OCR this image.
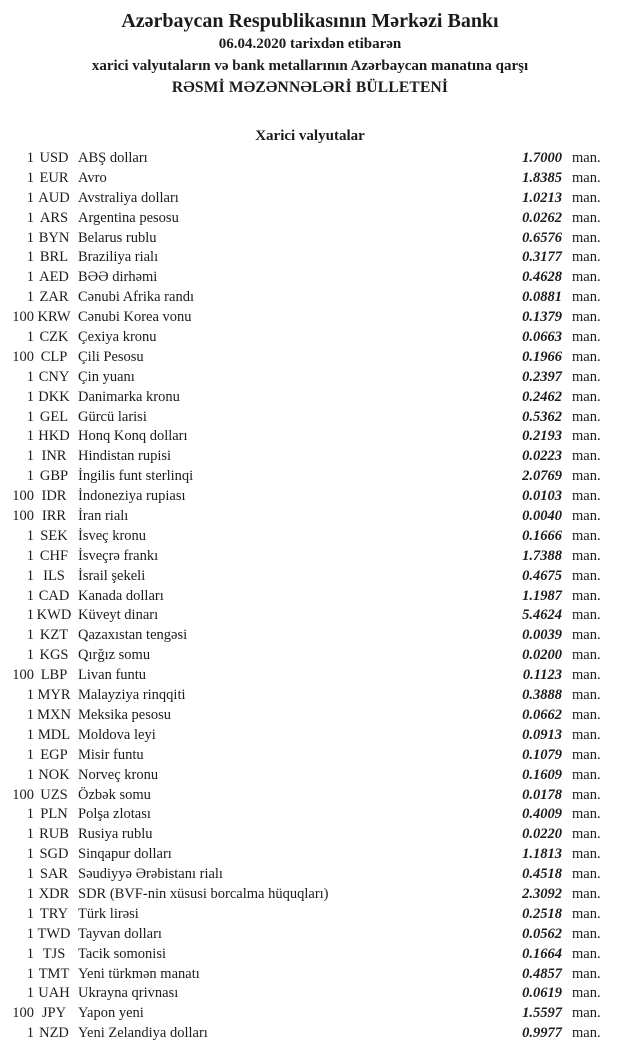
Azərbaycan Respublikasının Mərkəzi Bankı
06.04.2020 tarixdən etibarən
xarici valyutaların və bank metallarının Azərbaycan manatına qarşı
RƏSMİ MƏZƏNNƏLƏRİ BÜLLETENİ
Xarici valyutalar
1 USD ABŞ dolları	1.7000 man.
1 EUR Avro	1.8385 man.
1 AUD Avstraliya dolları	1.0213 man.
1 ARS Argentina pesosu	0.0262 man.
1 BYN Belarus rublu	0.6576 man.
1 BRL Braziliya rialı	0.3177 man.
1 AED BƏƏ dirhəmi	0.4628 man.
1 ZAR Cənubi Afrika randı	0.0881 man.
100 KRW Cənubi Korea vonu	0.1379 man.
1 CZK Çexiya kronu	0.0663 man.
100 CLP Çili Pesosu	0.1966 man.
1 CNY Çin yuanı	0.2397 man.
1 DKK Danimarka kronu	0.2462 man.
1 GEL Gürcü larisi	0.5362 man.
1 HKD Honq Konq dolları	0.2193 man.
1 INR Hindistan rupisi	0.0223 man.
1 GBP İngilis funt sterlinqi	2.0769 man.
100 IDR İndoneziya rupiası	0.0103 man.
100 IRR İran rialı	0.0040 man.
1 SEK İsveç kronu	0.1666 man.
1 CHF İsveçrə frankı	1.7388 man.
1 ILS İsrail şekeli	0.4675 man.
1 CAD Kanada dolları	1.1987 man.
1 KWD Küveyt dinarı	5.4624 man.
1 KZT Qazaxıstan tengəsi	0.0039 man.
1 KGS Qırğız somu	0.0200 man.
100 LBP Livan funtu	0.1123 man.
1 MYR Malayziya rinqqiti	0.3888 man.
1 MXN Meksika pesosu	0.0662 man.
1 MDL Moldova leyi	0.0913 man.
1 EGP Misir funtu	0.1079 man.
1 NOK Norveç kronu	0.1609 man.
100 UZS Özbək somu	0.0178 man.
1 PLN Polşa zlotası	0.4009 man.
1 RUB Rusiya rublu	0.0220 man.
1 SGD Sinqapur dolları	1.1813 man.
1 SAR Səudiyyə Ərəbistanı rialı	0.4518 man.
1 XDR SDR (BVF-nin xüsusi borcalma hüquqları)	2.3092 man.
1 TRY Türk lirəsi	0.2518 man.
1 TWD Tayvan dolları	0.0562 man.
1 TJS Tacik somonisi	0.1664 man.
1 TMT Yeni türkmən manatı	0.4857 man.
1 UAH Ukrayna qrivnası	0.0619 man.
100 JPY Yapon yeni	1.5597 man.
1 NZD Yeni Zelandiya dolları	0.9977 man.
